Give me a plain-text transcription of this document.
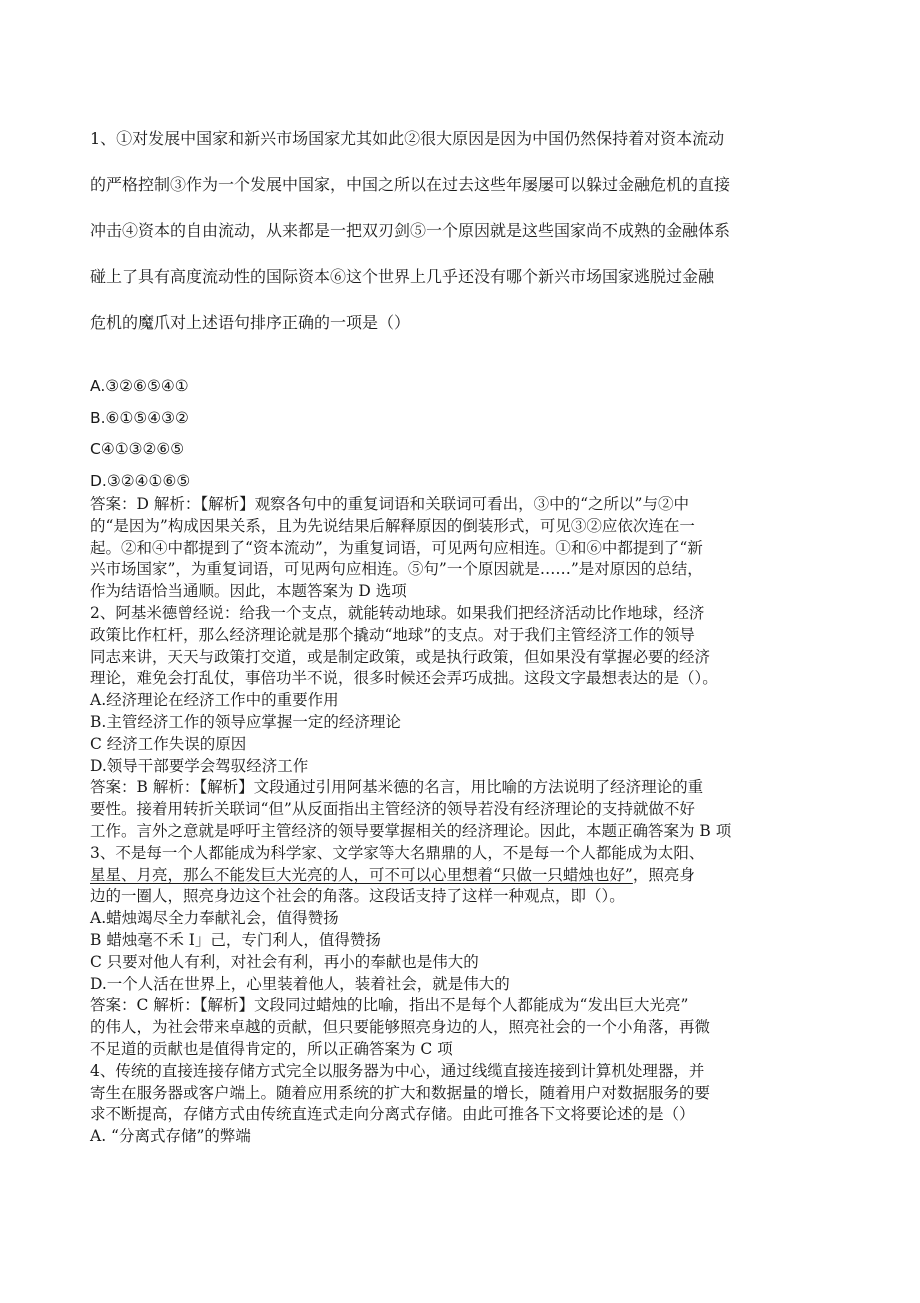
1、①对发展中国家和新兴市场国家尤其如此②很大原因是因为中国仍然保持着对资本流动
的严格控制③作为一个发展中国家，中国之所以在过去这些年屡屡可以躲过金融危机的直接
冲击④资本的自由流动，从来都是一把双刃剑⑤一个原因就是这些国家尚不成熟的金融体系
碰上了具有高度流动性的国际资本⑥这个世界上几乎还没有哪个新兴市场国家逃脱过金融
危机的魔爪对上述语句排序正确的一项是（）
A.③②⑥⑤④①
B.⑥①⑤④③②
C④①③②⑥⑤
D.③②④①⑥⑤
答案：D 解析：【解析】观察各句中的重复词语和关联词可看出，③中的“之所以”与②中
的“是因为”构成因果关系，且为先说结果后解释原因的倒装形式，可见③②应依次连在一
起。②和④中都提到了“资本流动”，为重复词语，可见两句应相连。①和⑥中都提到了“新
兴市场国家”，为重复词语，可见两句应相连。⑤句”一个原因就是……”是对原因的总结，
作为结语恰当通顺。因此，本题答案为 D 选项
2、阿基米德曾经说：给我一个支点，就能转动地球。如果我们把经济活动比作地球，经济
政策比作杠杆，那么经济理论就是那个撬动“地球”的支点。对于我们主管经济工作的领导
同志来讲，天天与政策打交道，或是制定政策，或是执行政策，但如果没有掌握必要的经济
理论，难免会打乱仗，事倍功半不说，很多时候还会弄巧成拙。这段文字最想表达的是（）。
A.经济理论在经济工作中的重要作用
B.主管经济工作的领导应掌握一定的经济理论
C 经济工作失误的原因
D.领导干部要学会驾驭经济工作
答案：B 解析：【解析】文段通过引用阿基米德的名言，用比喻的方法说明了经济理论的重
要性。接着用转折关联词“但”从反面指出主管经济的领导若没有经济理论的支持就做不好
工作。言外之意就是呼吁主管经济的领导要掌握相关的经济理论。因此，本题正确答案为 B 项
3、不是每一个人都能成为科学家、文学家等大名鼎鼎的人，不是每一个人都能成为太阳、
星星、月亮，那么不能发巨大光亮的人，可不可以心里想着“只做一只蜡烛也好”，照亮身
边的一圈人，照亮身边这个社会的角落。这段话支持了这样一种观点，即（）。
A.蜡烛竭尽全力奉献礼会，值得赞扬
B 蜡烛毫不禾 I」己，专门利人，值得赞扬
C 只要对他人有利，对社会有利，再小的奉献也是伟大的
D.一个人活在世界上，心里装着他人，装着社会，就是伟大的
答案：C 解析：【解析】文段同过蜡烛的比喻，指出不是每个人都能成为“发出巨大光亮”
的伟人，为社会带来卓越的贡献，但只要能够照亮身边的人，照亮社会的一个小角落，再微
不足道的贡献也是值得肯定的，所以正确答案为 C 项
4、传统的直接连接存储方式完全以服务器为中心，通过线缆直接连接到计算机处理器，并
寄生在服务器或客户端上。随着应用系统的扩大和数据量的增长，随着用户对数据服务的要
求不断提高，存储方式由传统直连式走向分离式存储。由此可推各下文将要论述的是（）
A. “分离式存储”的弊端
